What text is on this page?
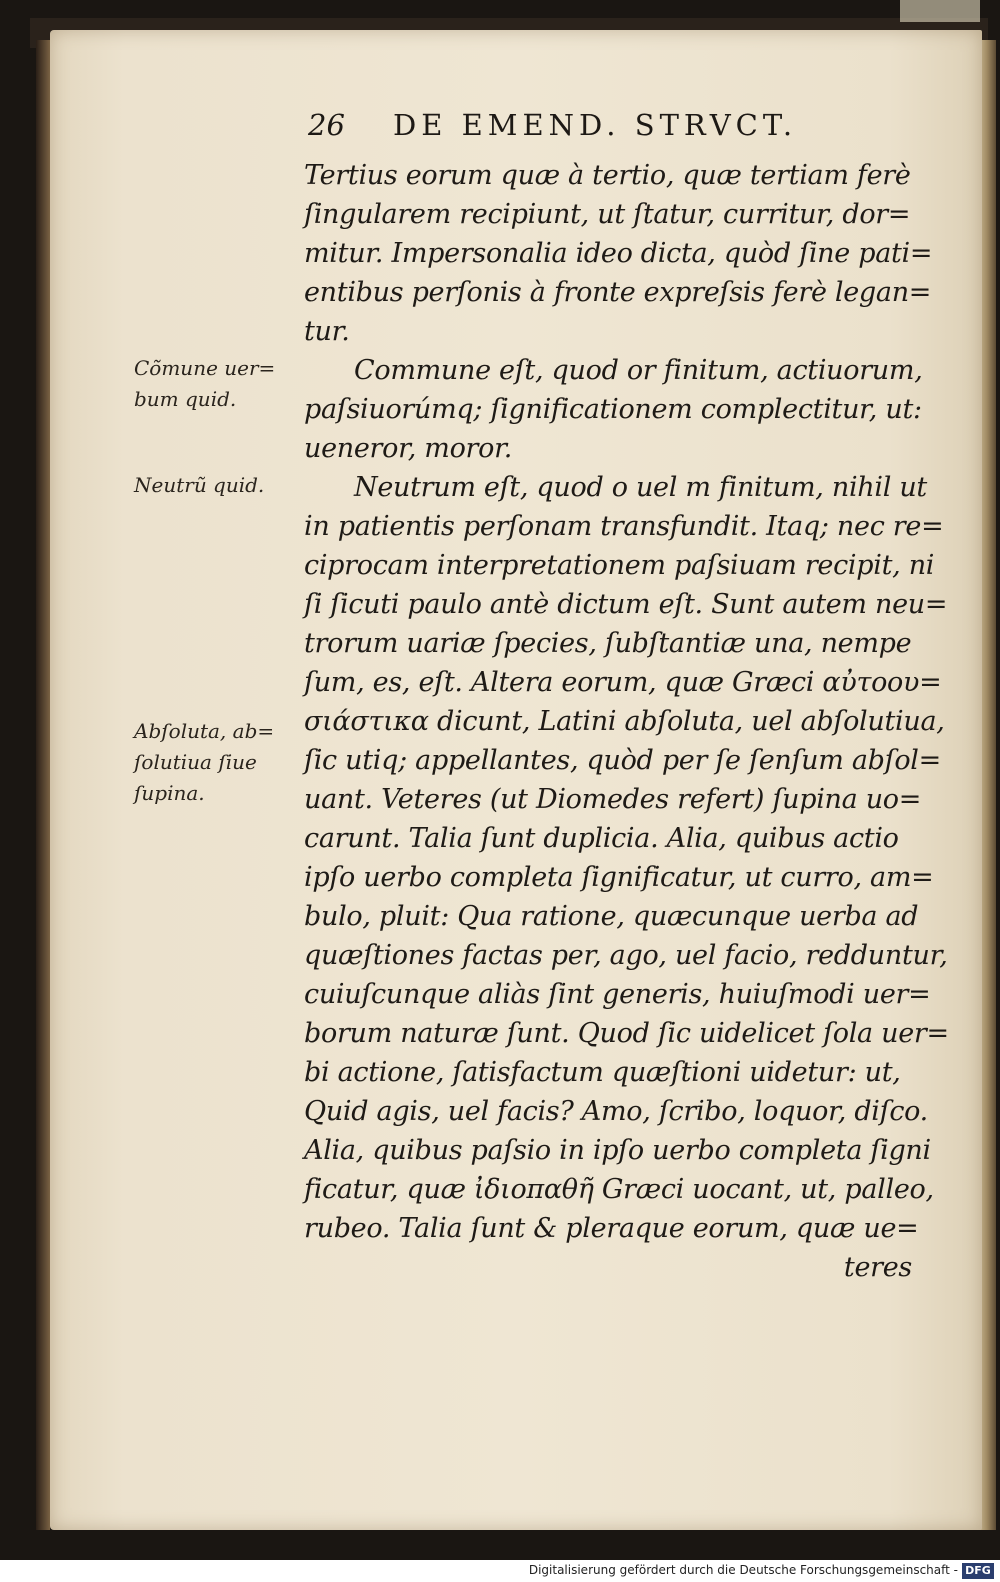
26 DE EMEND. STRVCT.
Tertius eorum quæ à tertio, quæ tertiam ferè
ſingularem recipiunt, ut ſtatur, curritur, dor=
mitur. Impersonalia ideo dicta, quòd ſine pati=
entibus perſonis à fronte expreſsis ferè legan=
tur.
Commune eſt, quod or finitum, actiuorum,
paſsiuorúmq; ſignificationem complectitur, ut:
ueneror, moror.
Neutrum eſt, quod o uel m finitum, nihil ut
in patientis perſonam transfundit. Itaq; nec re=
ciprocam interpretationem paſsiuam recipit, ni
ſi ſicuti paulo antè dictum eſt. Sunt autem neu=
trorum uariæ ſpecies, ſubſtantiæ una, nempe
ſum, es, eſt. Altera eorum, quæ Græci αὐτοου=
σιάστικα dicunt, Latini abſoluta, uel abſolutiua,
ſic utiq; appellantes, quòd per ſe ſenſum abſol=
uant. Veteres (ut Diomedes refert) ſupina uo=
carunt. Talia ſunt duplicia. Alia, quibus actio
ipſo uerbo completa ſignificatur, ut curro, am=
bulo, pluit: Qua ratione, quæcunque uerba ad
quæſtiones factas per, ago, uel facio, redduntur,
cuiuſcunque aliàs ſint generis, huiuſmodi uer=
borum naturæ ſunt. Quod ſic uidelicet ſola uer=
bi actione, ſatisfactum quæſtioni uidetur: ut,
Quid agis, uel facis? Amo, ſcribo, loquor, diſco.
Alia, quibus paſsio in ipſo uerbo completa ſigni
ficatur, quæ ἰδιοπαθῆ Græci uocant, ut, palleo,
rubeo. Talia ſunt & pleraque eorum, quæ ue=
teres
Cõmune uer=
bum quid.
Neutrũ quid.
Abſoluta, ab=
ſolutiua ſiue
ſupina.
Digitalisierung gefördert durch die Deutsche Forschungsgemeinschaft - DFG
